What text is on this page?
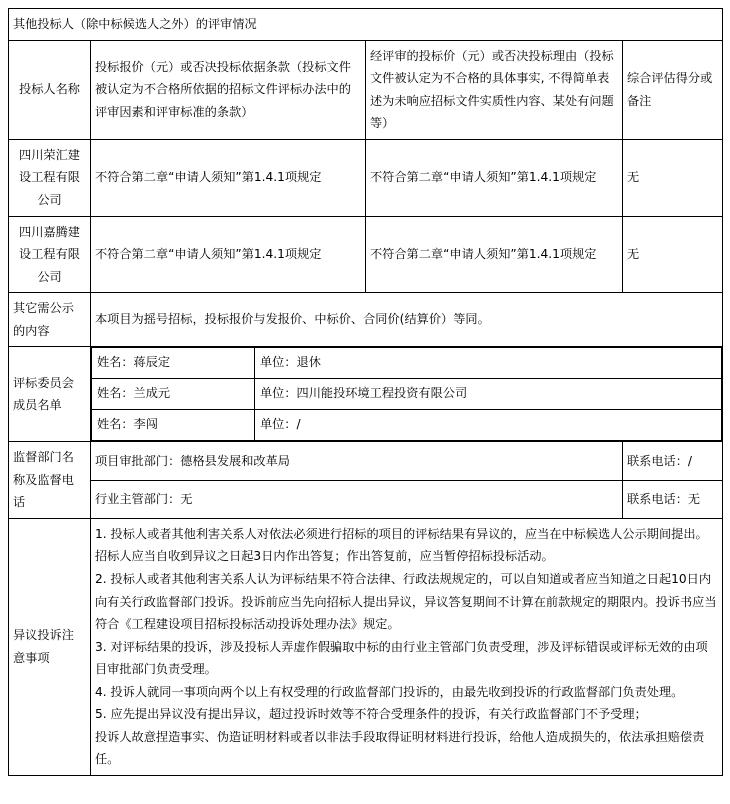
其他投标人（除中标候选人之外）的评审情况
投标人名称	投标报价（元）或否决投标依据条款（投标文件被认定为不合格所依据的招标文件评标办法中的评审因素和评审标准的条款）	经评审的投标价（元）或否决投标理由（投标文件被认定为不合格的具体事实, 不得简单表述为未响应招标文件实质性内容、某处有问题等）	综合评估得分或备注
四川荣汇建设工程有限公司	不符合第二章“申请人须知”第1.4.1项规定	不符合第二章“申请人须知”第1.4.1项规定	无
四川嘉腾建设工程有限公司	不符合第二章“申请人须知”第1.4.1项规定	不符合第二章“申请人须知”第1.4.1项规定	无
其它需公示的内容	本项目为摇号招标，投标报价与发报价、中标价、合同价(结算价）等同。
评标委员会成员名单	
姓名：蒋辰定	单位：退休
姓名：兰成元	单位：四川能投环境工程投资有限公司
姓名：李闯	单位：/

监督部门名称及监督电话	项目审批部门：德格县发展和改革局	联系电话：/
行业主管部门：无	联系电话：无
异议投诉注意事项	

1. 投标人或者其他利害关系人对依法必须进行招标的项目的评标结果有异议的，应当在中标候选人公示期间提出。招标人应当自收到异议之日起3日内作出答复；作出答复前，应当暂停招标投标活动。

2. 投标人或者其他利害关系人认为评标结果不符合法律、行政法规规定的，可以自知道或者应当知道之日起10日内向有关行政监督部门投诉。投诉前应当先向招标人提出异议，异议答复期间不计算在前款规定的期限内。投诉书应当符合《工程建设项目招标投标活动投诉处理办法》规定。

3. 对评标结果的投诉，涉及投标人弄虚作假骗取中标的由行业主管部门负责受理，涉及评标错误或评标无效的由项目审批部门负责受理。

4. 投诉人就同一事项向两个以上有权受理的行政监督部门投诉的，由最先收到投诉的行政监督部门负责处理。

5. 应先提出异议没有提出异议，超过投诉时效等不符合受理条件的投诉，有关行政监督部门不予受理；

投诉人故意捏造事实、伪造证明材料或者以非法手段取得证明材料进行投诉，给他人造成损失的，依法承担赔偿责任。
